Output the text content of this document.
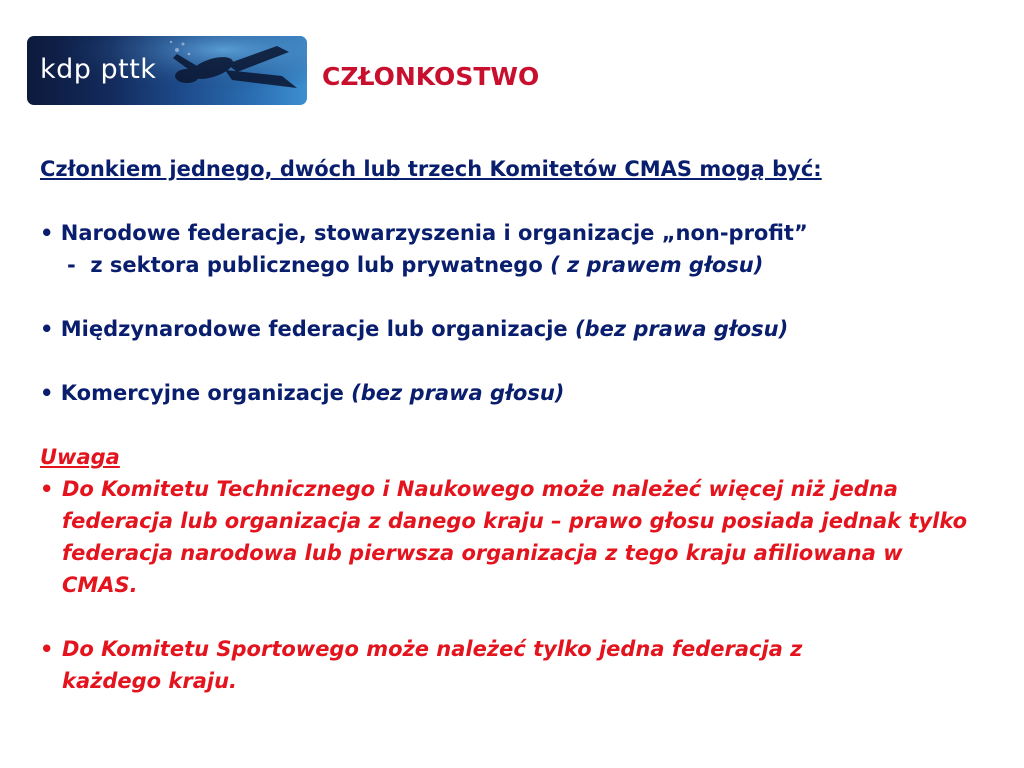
kdp pttk	CZŁONKOSTWO
Członkiem jednego, dwóch lub trzech Komitetów CMAS mogą być:
• Narodowe federacje, stowarzyszenia i organizacje „non-profit”
-  z sektora publicznego lub prywatnego ( z prawem głosu)
• Międzynarodowe federacje lub organizacje (bez prawa głosu)
• Komercyjne organizacje (bez prawa głosu)
Uwaga
• Do Komitetu Technicznego i Naukowego może należeć więcej niż jedna federacja lub organizacja z danego kraju – prawo głosu posiada jednak tylko federacja narodowa lub pierwsza organizacja z tego kraju afiliowana w CMAS.
• Do Komitetu Sportowego może należeć tylko jedna federacja z każdego kraju.
